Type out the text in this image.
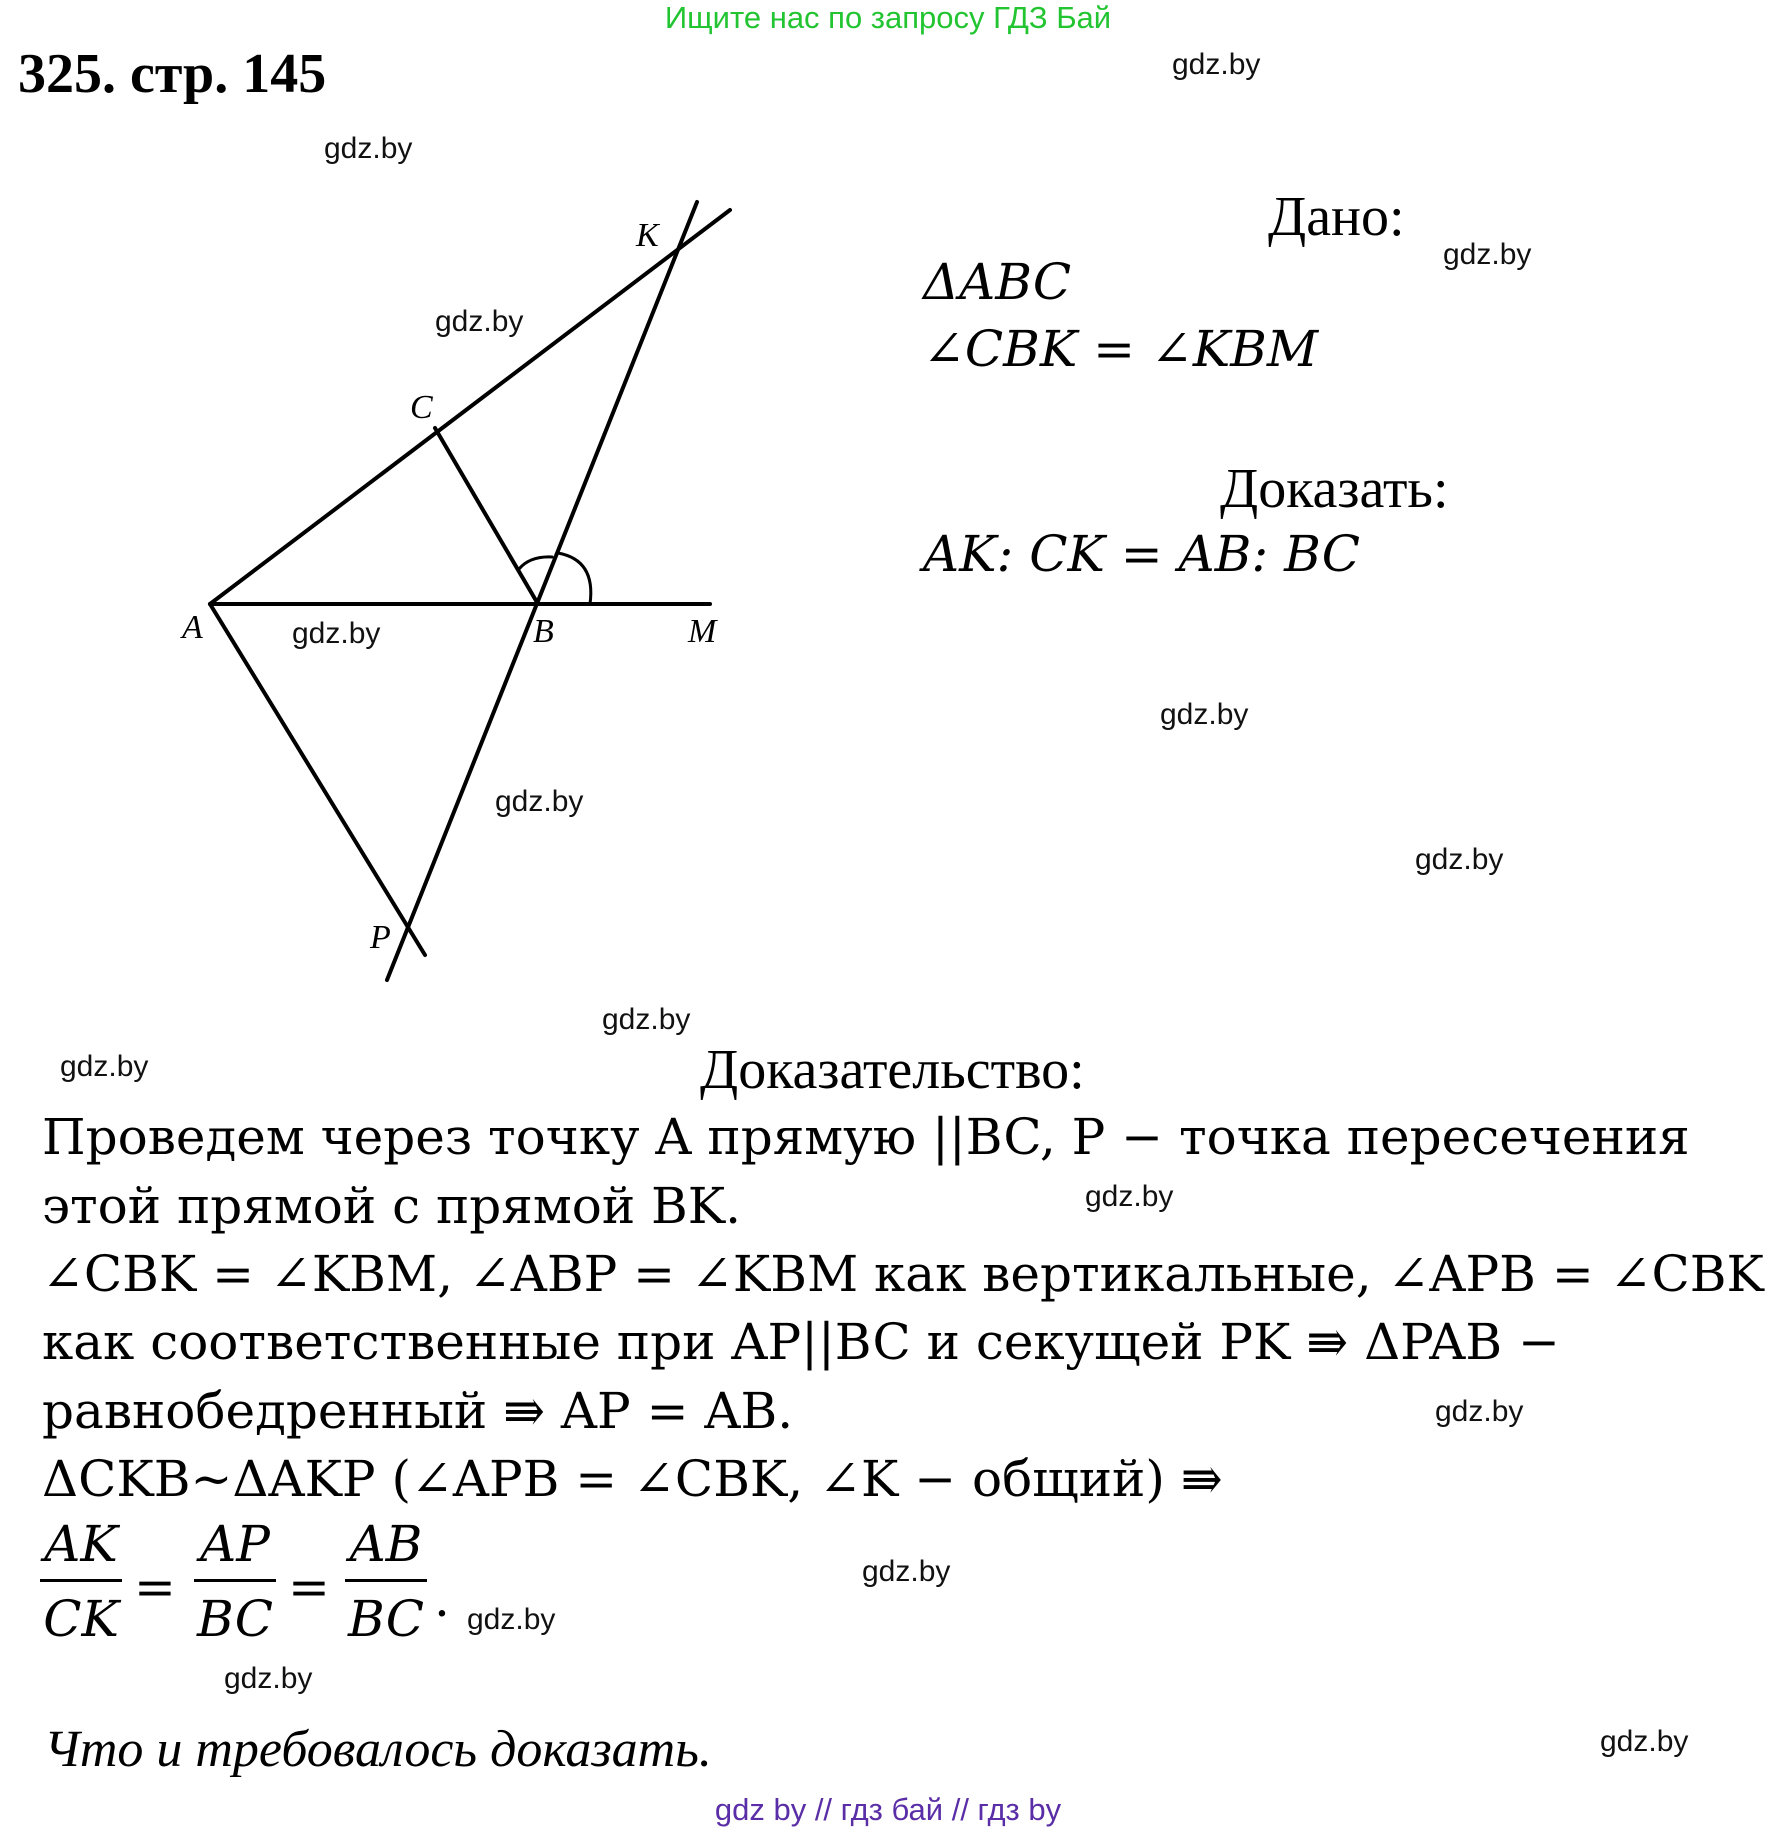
Ищите нас по запросу ГДЗ Бай
325. стр. 145	gdz.by
gdz.by
gdz.by
gdz.by
gdz.by
gdz.by
gdz.by
gdz.by
gdz.by
gdz.by
gdz.by
gdz.by
gdz.by
gdz.by
gdz.by
gdz.by
K
C
A	B	M
P
Дано:
ΔABC
∠CBK = ∠KBM
Доказать:
AK: CK = AB: BC
Доказательство:
Проведем через точку A прямую ||BC, P − точка пересечения
этой прямой с прямой BK.
∠CBK = ∠KBM, ∠ABP = ∠KBM как вертикальные, ∠APB = ∠CBK
как соответственные при AP||BC и секущей PK ⇛ ΔPAB −
равнобедренный ⇛ AP = AB.
ΔCKB~ΔAKP (∠APB = ∠CBK, ∠K − общий) ⇛
AK
CK
=
AP
BC
=
AB
BC .
Что и требовалось доказать.
gdz by // гдз бай // гдз by
